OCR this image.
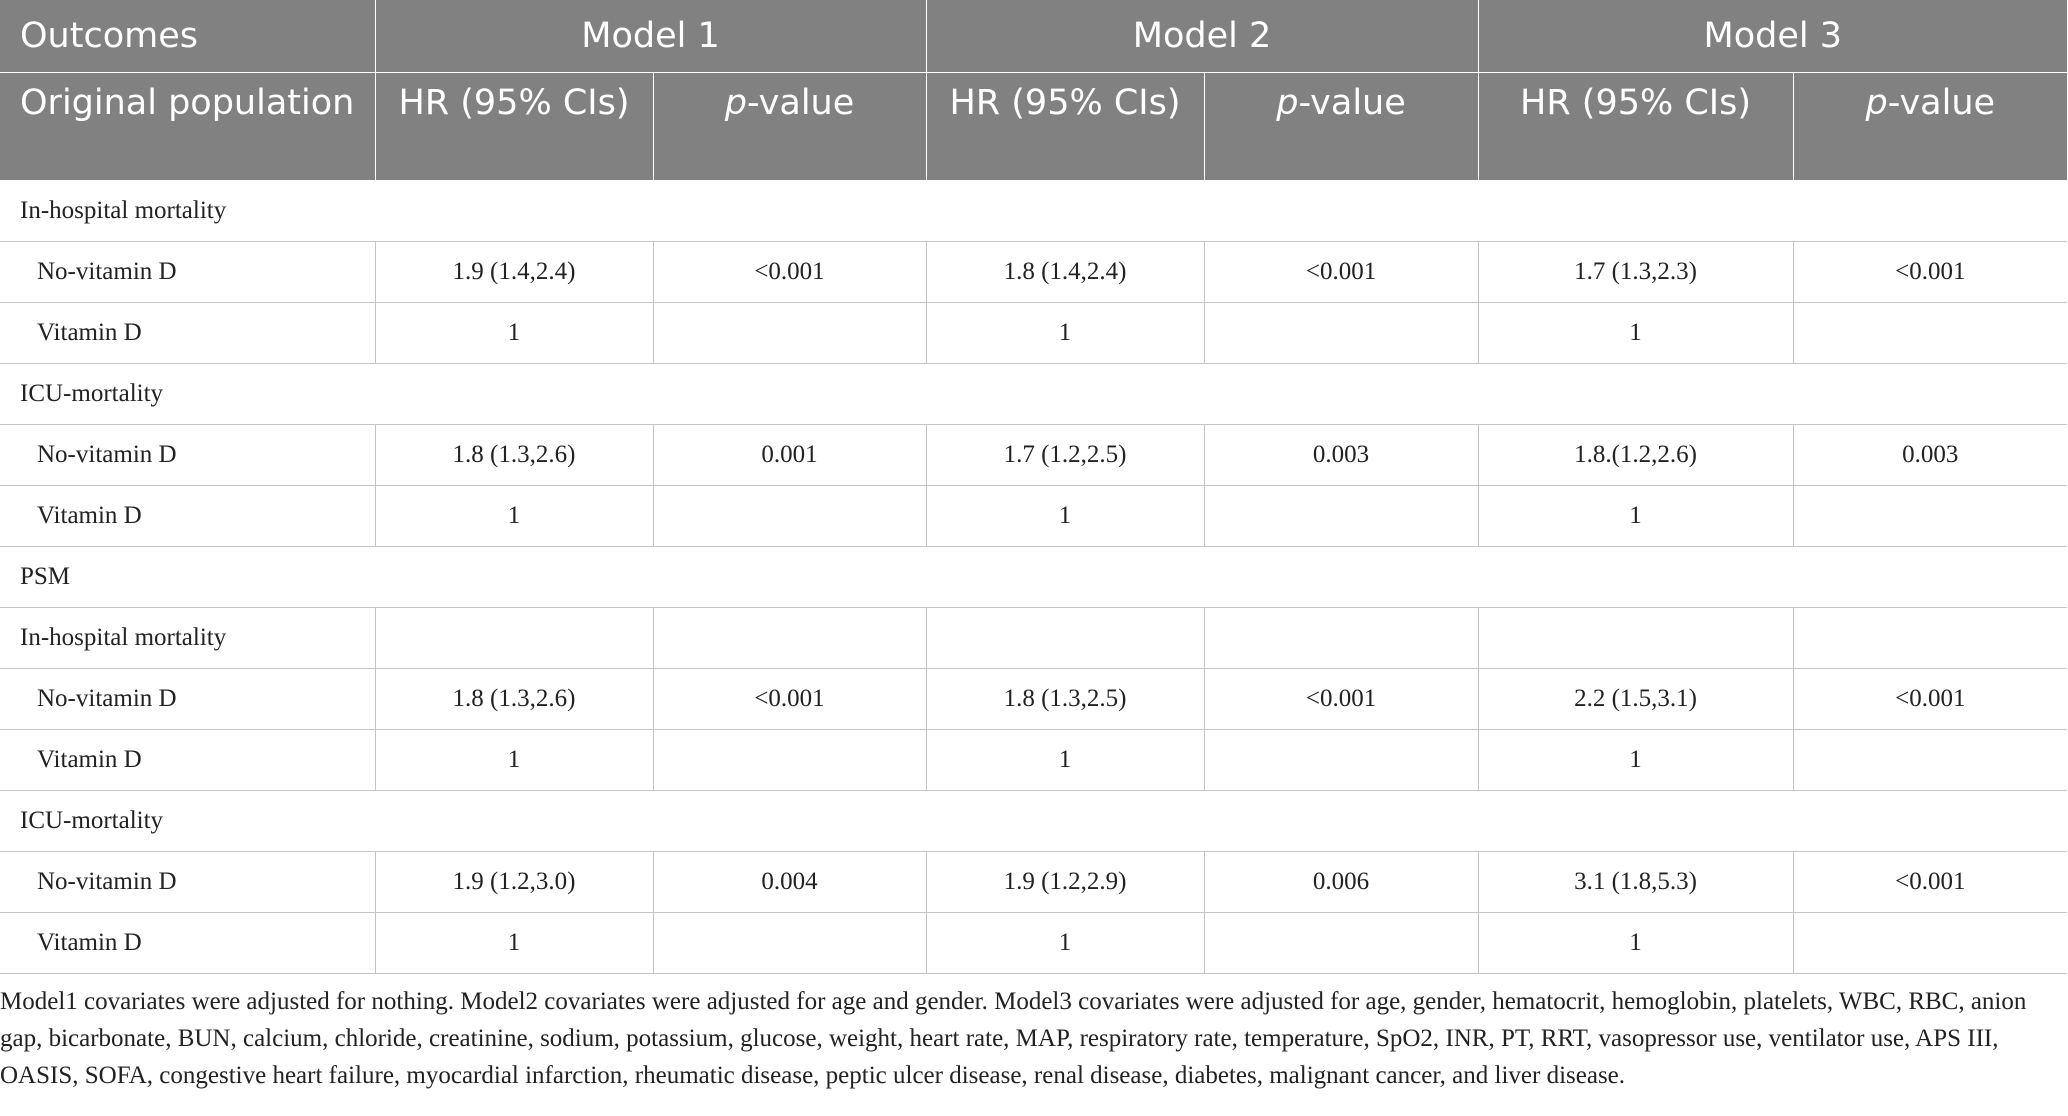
Outcomes	Model 1		Model 2		Model 3	
Original population	HR (95% CIs)	p-value	HR (95% CIs)	p-value	HR (95% CIs)	p-value
In-hospital mortality						
No-vitamin D	1.9 (1.4,2.4)	<0.001	1.8 (1.4,2.4)	<0.001	1.7 (1.3,2.3)	<0.001
Vitamin D	1		1		1	
ICU-mortality						
No-vitamin D	1.8 (1.3,2.6)	0.001	1.7 (1.2,2.5)	0.003	1.8.(1.2,2.6)	0.003
Vitamin D	1		1		1	
PSM						
In-hospital mortality						
No-vitamin D	1.8 (1.3,2.6)	<0.001	1.8 (1.3,2.5)	<0.001	2.2 (1.5,3.1)	<0.001
Vitamin D	1		1		1	
ICU-mortality						
No-vitamin D	1.9 (1.2,3.0)	0.004	1.9 (1.2,2.9)	0.006	3.1 (1.8,5.3)	<0.001
Vitamin D	1		1		1	

Model1 covariates were adjusted for nothing. Model2 covariates were adjusted for age and gender. Model3 covariates were adjusted for age, gender, hematocrit, hemoglobin, platelets, WBC, RBC, anion gap, bicarbonate, BUN, calcium, chloride, creatinine, sodium, potassium, glucose, weight, heart rate, MAP, respiratory rate, temperature, SpO2, INR, PT, RRT, vasopressor use, ventilator use, APS III, OASIS, SOFA, congestive heart failure, myocardial infarction, rheumatic disease, peptic ulcer disease, renal disease, diabetes, malignant cancer, and liver disease.
